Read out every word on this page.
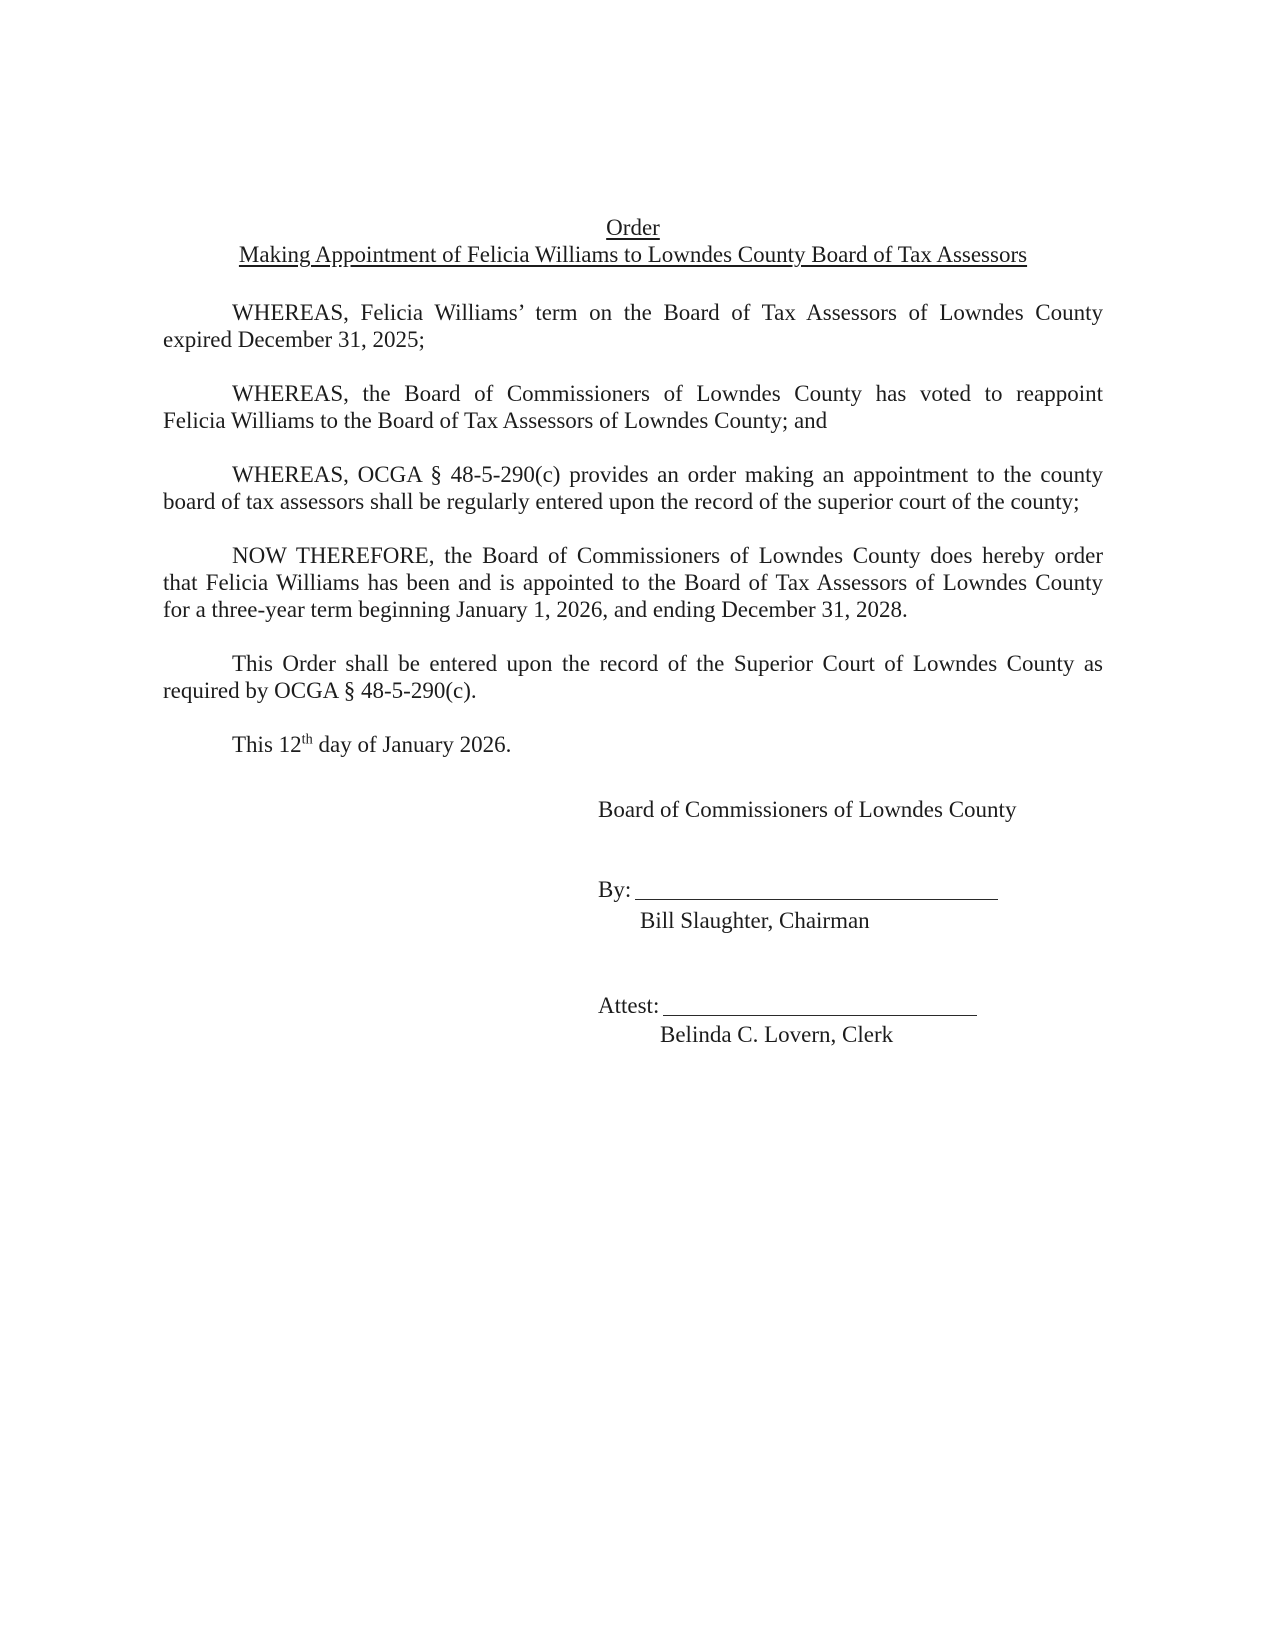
Order
Making Appointment of Felicia Williams to Lowndes County Board of Tax Assessors
WHEREAS, Felicia Williams’ term on the Board of Tax Assessors of Lowndes County
expired December 31, 2025;
WHEREAS, the Board of Commissioners of Lowndes County has voted to reappoint
Felicia Williams to the Board of Tax Assessors of Lowndes County; and
WHEREAS, OCGA § 48-5-290(c) provides an order making an appointment to the county
board of tax assessors shall be regularly entered upon the record of the superior court of the county;
NOW THEREFORE, the Board of Commissioners of Lowndes County does hereby order
that Felicia Williams has been and is appointed to the Board of Tax Assessors of Lowndes County
for a three-year term beginning January 1, 2026, and ending December 31, 2028.
This Order shall be entered upon the record of the Superior Court of Lowndes County as
required by OCGA § 48-5-290(c).
This 12th day of January 2026.
Board of Commissioners of Lowndes County
By:
Bill Slaughter, Chairman
Attest:
Belinda C. Lovern, Clerk
